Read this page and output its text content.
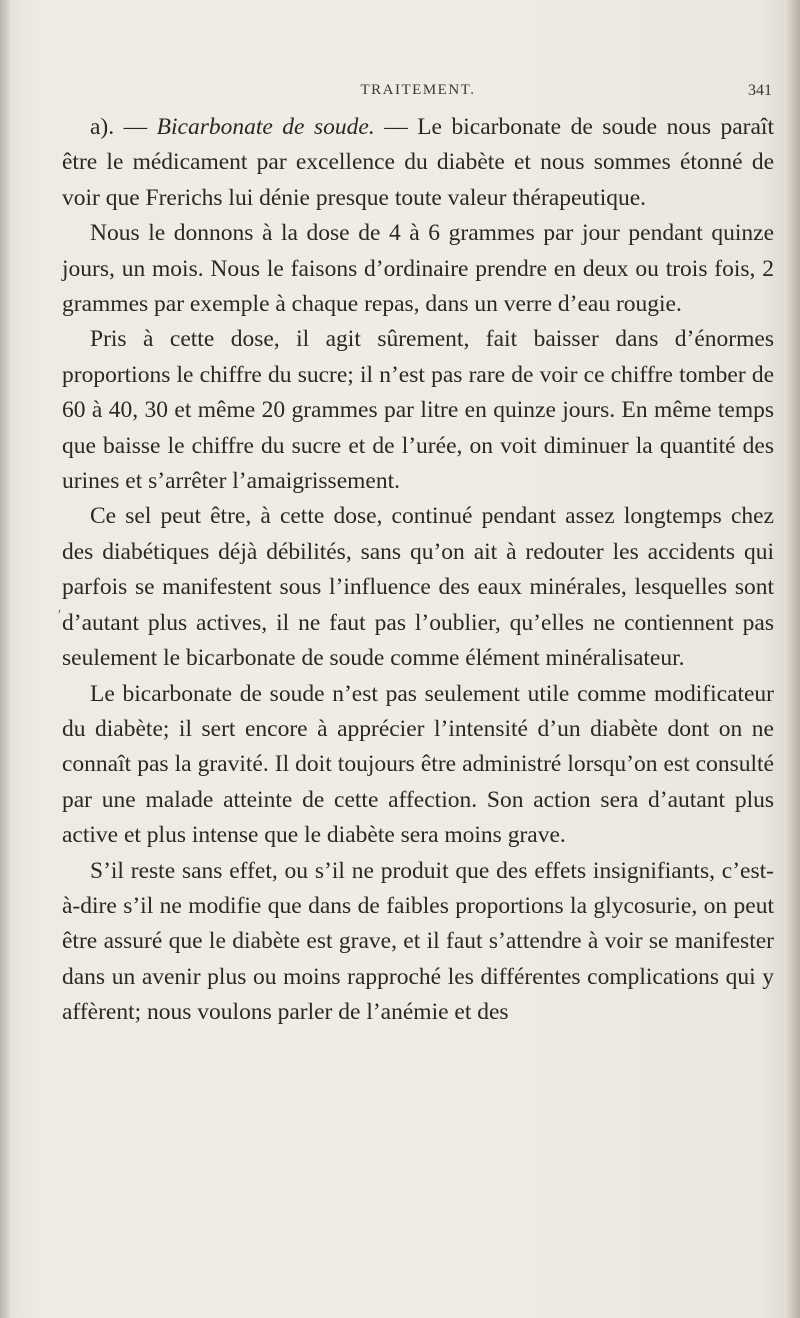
TRAITEMENT.	341
′

a). — Bicarbonate de soude. — Le bicarbonate de soude nous paraît être le médicament par excellence du diabète et nous sommes étonné de voir que Frerichs lui dénie presque toute valeur thérapeutique.

Nous le donnons à la dose de 4 à 6 grammes par jour pendant quinze jours, un mois. Nous le faisons d’ordinaire prendre en deux ou trois fois, 2 grammes par exemple à chaque repas, dans un verre d’eau rougie.

Pris à cette dose, il agit sûrement, fait baisser dans d’énormes proportions le chiffre du sucre; il n’est pas rare de voir ce chiffre tomber de 60 à 40, 30 et même 20 grammes par litre en quinze jours. En même temps que baisse le chiffre du sucre et de l’urée, on voit diminuer la quantité des urines et s’arrêter l’amaigrissement.

Ce sel peut être, à cette dose, continué pendant assez longtemps chez des diabétiques déjà débilités, sans qu’on ait à redouter les accidents qui parfois se manifestent sous l’influence des eaux minérales, lesquelles sont d’autant plus actives, il ne faut pas l’oublier, qu’elles ne contiennent pas seulement le bicarbonate de soude comme élément minéralisateur.

Le bicarbonate de soude n’est pas seulement utile comme modificateur du diabète; il sert encore à apprécier l’intensité d’un diabète dont on ne connaît pas la gravité. Il doit toujours être administré lorsqu’on est consulté par une malade atteinte de cette affection. Son action sera d’autant plus active et plus intense que le diabète sera moins grave.

S’il reste sans effet, ou s’il ne produit que des effets insignifiants, c’est-à-dire s’il ne modifie que dans de faibles proportions la glycosurie, on peut être assuré que le diabète est grave, et il faut s’attendre à voir se manifester dans un avenir plus ou moins rapproché les différentes complications qui y affèrent; nous voulons parler de l’anémie et des
